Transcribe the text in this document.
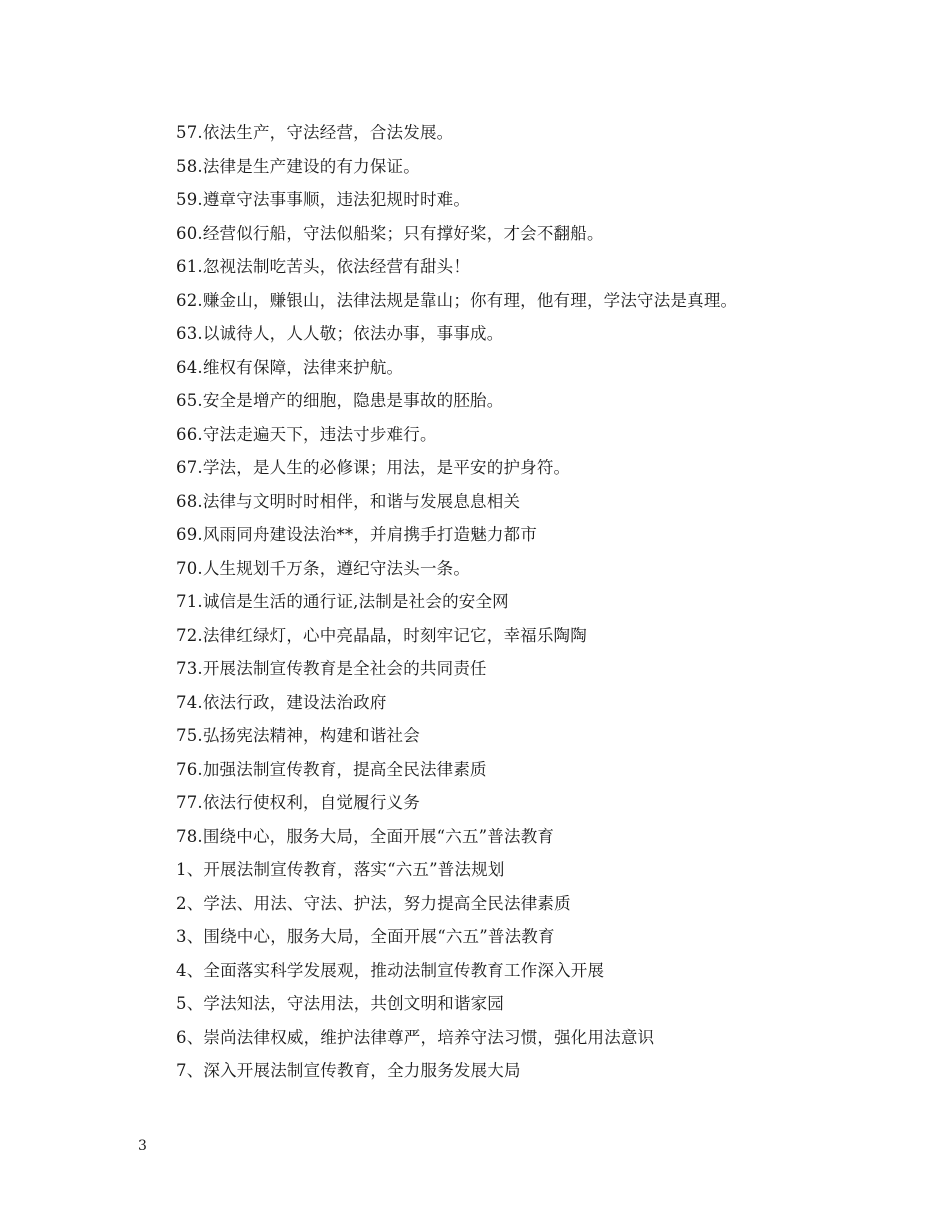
57.依法生产，守法经营，合法发展。
58.法律是生产建设的有力保证。
59.遵章守法事事顺，违法犯规时时难。
60.经营似行船，守法似船桨；只有撑好桨，才会不翻船。
61.忽视法制吃苦头，依法经营有甜头！
62.赚金山，赚银山，法律法规是靠山；你有理，他有理，学法守法是真理。
63.以诚待人，人人敬；依法办事，事事成。
64.维权有保障，法律来护航。
65.安全是增产的细胞，隐患是事故的胚胎。
66.守法走遍天下，违法寸步难行。
67.学法，是人生的必修课；用法，是平安的护身符。
68.法律与文明时时相伴，和谐与发展息息相关
69.风雨同舟建设法治**，并肩携手打造魅力都市
70.人生规划千万条，遵纪守法头一条。
71.诚信是生活的通行证,法制是社会的安全网
72.法律红绿灯，心中亮晶晶，时刻牢记它，幸福乐陶陶
73.开展法制宣传教育是全社会的共同责任
74.依法行政，建设法治政府
75.弘扬宪法精神，构建和谐社会
76.加强法制宣传教育，提高全民法律素质
77.依法行使权利，自觉履行义务
78.围绕中心，服务大局，全面开展“六五”普法教育
1、开展法制宣传教育，落实“六五”普法规划
2、学法、用法、守法、护法，努力提高全民法律素质
3、围绕中心，服务大局，全面开展“六五”普法教育
4、全面落实科学发展观，推动法制宣传教育工作深入开展
5、学法知法，守法用法，共创文明和谐家园
6、崇尚法律权威，维护法律尊严，培养守法习惯，强化用法意识
7、深入开展法制宣传教育，全力服务发展大局
3
